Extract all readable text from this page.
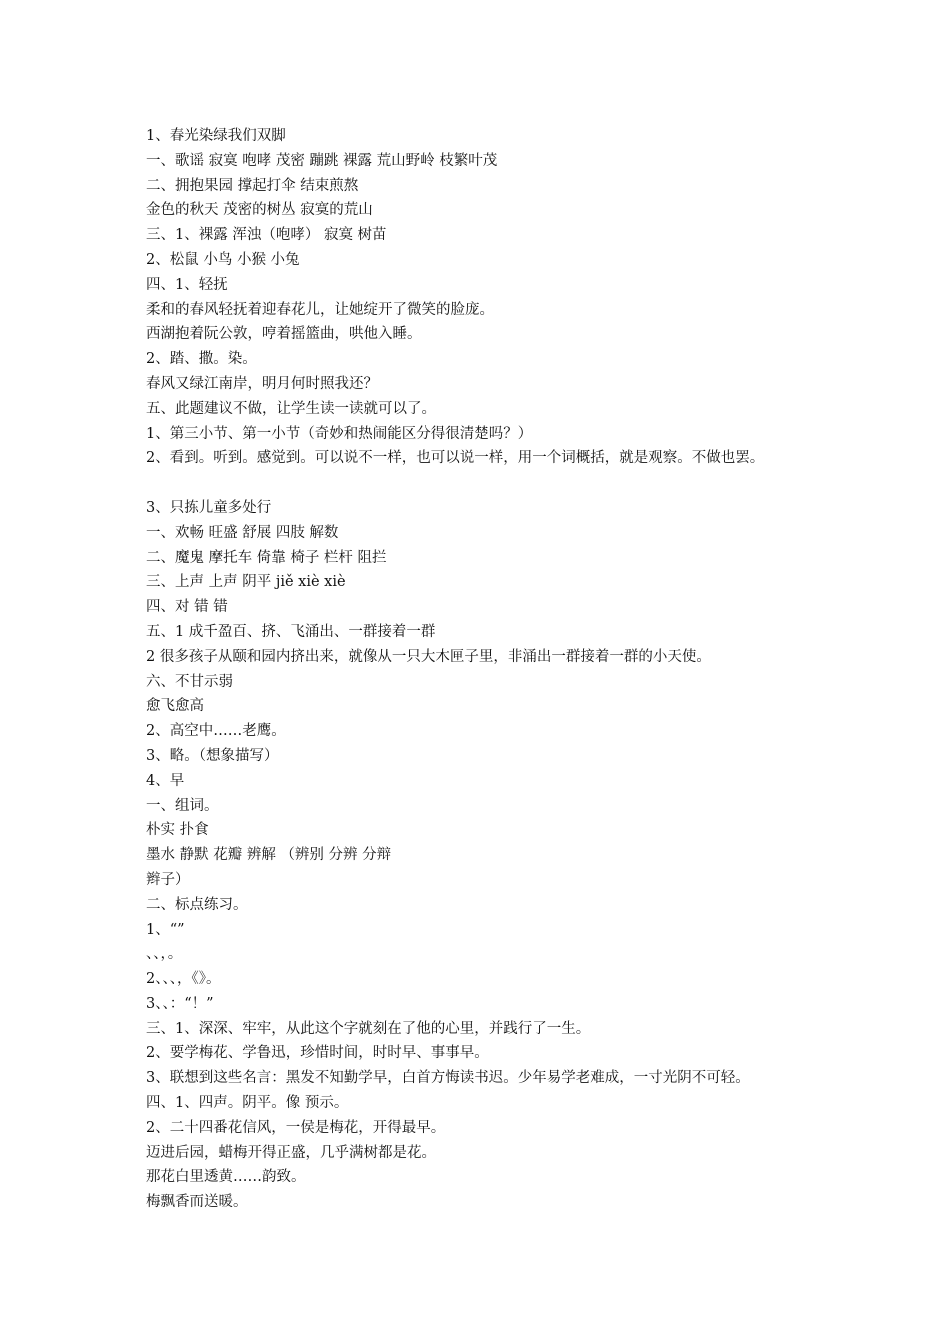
1、春光染绿我们双脚
一、歌谣 寂寞 咆哮 茂密 蹦跳 裸露 荒山野岭 枝繁叶茂
二、拥抱果园 撑起打伞 结束煎熬
金色的秋天 茂密的树丛 寂寞的荒山
三、1、裸露 浑浊（咆哮） 寂寞 树苗
2、松鼠 小鸟 小猴 小兔
四、1、轻抚
柔和的春风轻抚着迎春花儿，让她绽开了微笑的脸庞。
西湖抱着阮公敦，哼着摇篮曲，哄他入睡。
2、踏、撒。染。
春风又绿江南岸，明月何时照我还？
五、此题建议不做，让学生读一读就可以了。
1、第三小节、第一小节（奇妙和热闹能区分得很清楚吗？）
2、看到。听到。感觉到。可以说不一样，也可以说一样，用一个词概括，就是观察。不做也罢。
3、只拣儿童多处行
一、欢畅 旺盛 舒展 四肢 解数
二、魔鬼 摩托车 倚靠 椅子 栏杆 阻拦
三、上声 上声 阴平 jiě xiè xiè
四、对 错 错
五、1 成千盈百、挤、飞涌出、一群接着一群
2 很多孩子从颐和园内挤出来，就像从一只大木匣子里，非涌出一群接着一群的小天使。
六、不甘示弱
愈飞愈高
2、高空中……老鹰。
3、略。（想象描写）
4、早
一、组词。
朴实 扑食
墨水 静默 花瓣 辨解 （辨别 分辨 分辩
辫子）
二、标点练习。
1、“”
、、，。
2、、、，《》。
3、、：“！”
三、1、深深、牢牢，从此这个字就刻在了他的心里，并践行了一生。
2、要学梅花、学鲁迅，珍惜时间，时时早、事事早。
3、联想到这些名言：黑发不知勤学早，白首方悔读书迟。少年易学老难成，一寸光阴不可轻。
四、1、四声。阴平。像 预示。
2、二十四番花信风，一侯是梅花，开得最早。
迈进后园，蜡梅开得正盛，几乎满树都是花。
那花白里透黄……韵致。
梅飘香而送暖。
